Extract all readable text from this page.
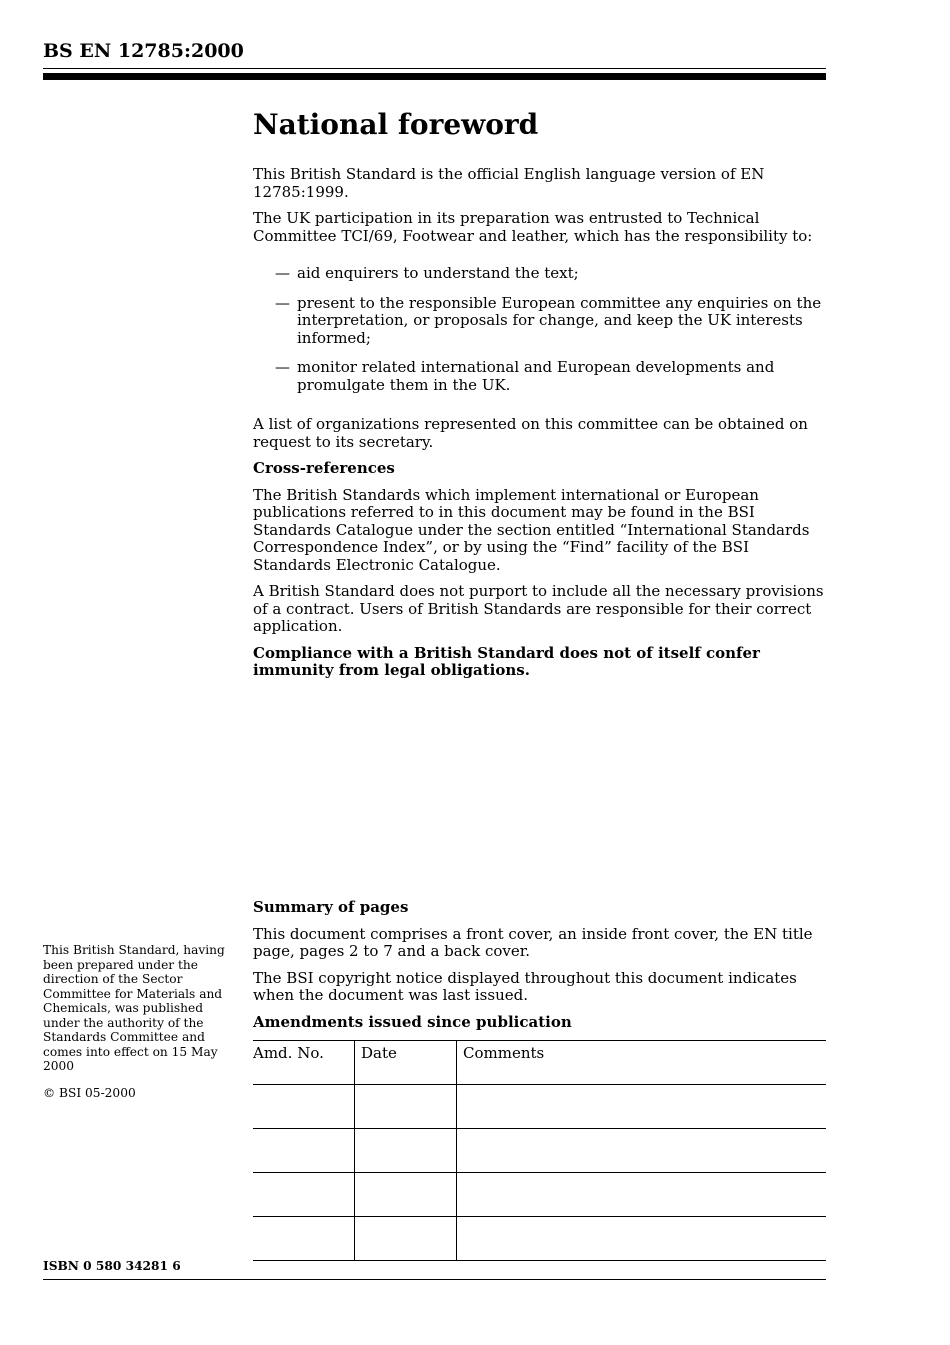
BS EN 12785:2000
National foreword

This British Standard is the official English language version of EN 12785:1999.

The UK participation in its preparation was entrusted to Technical Committee TCI/69, Footwear and leather, which has the responsibility to:

— aid enquirers to understand the text;
— present to the responsible European committee any enquiries on the interpretation, or proposals for change, and keep the UK interests informed;
— monitor related international and European developments and promulgate them in the UK.

A list of organizations represented on this committee can be obtained on request to its secretary.

Cross-references

The British Standards which implement international or European publications referred to in this document may be found in the BSI Standards Catalogue under the section entitled “International Standards Correspondence Index”, or by using the “Find” facility of the BSI Standards Electronic Catalogue.

A British Standard does not purport to include all the necessary provisions of a contract. Users of British Standards are responsible for their correct application.

Compliance with a British Standard does not of itself confer immunity from legal obligations.

This British Standard, having been prepared under the direction of the Sector Committee for Materials and Chemicals, was published under the authority of the Standards Committee and comes into effect on 15 May 2000
© BSI 05-2000
ISBN 0 580 34281 6

Summary of pages

This document comprises a front cover, an inside front cover, the EN title page, pages 2 to 7 and a back cover.

The BSI copyright notice displayed throughout this document indicates when the document was last issued.

Amendments issued since publication

Amd. No.	Date	Comments
